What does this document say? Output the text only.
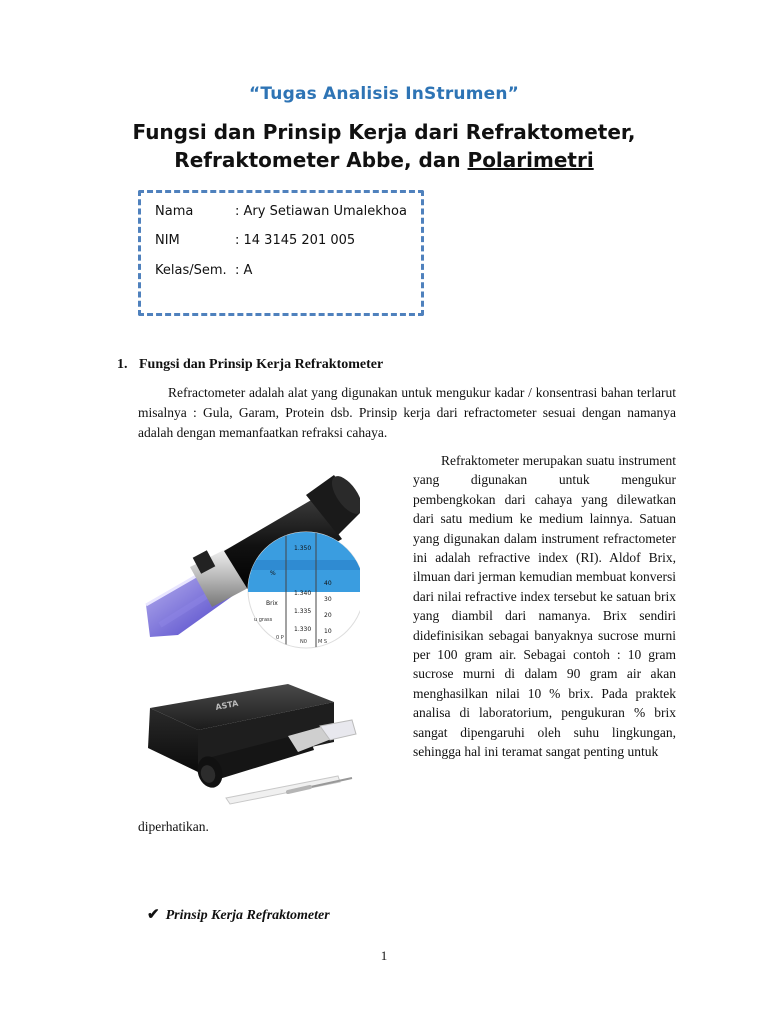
“Tugas Analisis InStrumen”
Fungsi dan Prinsip Kerja dari Refraktometer,
Refraktometer Abbe, dan Polarimetri
Nama	: Ary Setiawan Umalekhoa
NIM	: 14 3145 201 005
Kelas/Sem. : A
1. Fungsi dan Prinsip Kerja Refraktometer
Refractometer adalah alat yang digunakan untuk mengukur kadar / konsentrasi bahan terlarut misalnya : Gula, Garam, Protein dsb. Prinsip kerja dari refractometer sesuai dengan namanya adalah dengan memanfaatkan refraksi cahaya.
%
Brix
1.350
1.340
1.335
1.330
40
30
20
10
u grass
0 P
N0 M S
ASTA
Refraktometer merupakan suatu instrument yang digunakan untuk mengukur pembengkokan dari cahaya yang dilewatkan dari satu medium ke medium lainnya. Satuan yang digunakan dalam instrument refractometer ini adalah refractive index (RI). Aldof Brix, ilmuan dari jerman kemudian membuat konversi dari nilai refractive index tersebut ke satuan brix yang diambil dari namanya. Brix sendiri didefinisikan sebagai banyaknya sucrose murni per 100 gram air. Sebagai contoh : 10 gram sucrose murni di dalam 90 gram air akan menghasilkan nilai 10 % brix. Pada praktek analisa di laboratorium, pengukuran % brix sangat dipengaruhi oleh suhu lingkungan, sehingga hal ini teramat sangat penting untuk
diperhatikan.
✔ Prinsip Kerja Refraktometer
1
